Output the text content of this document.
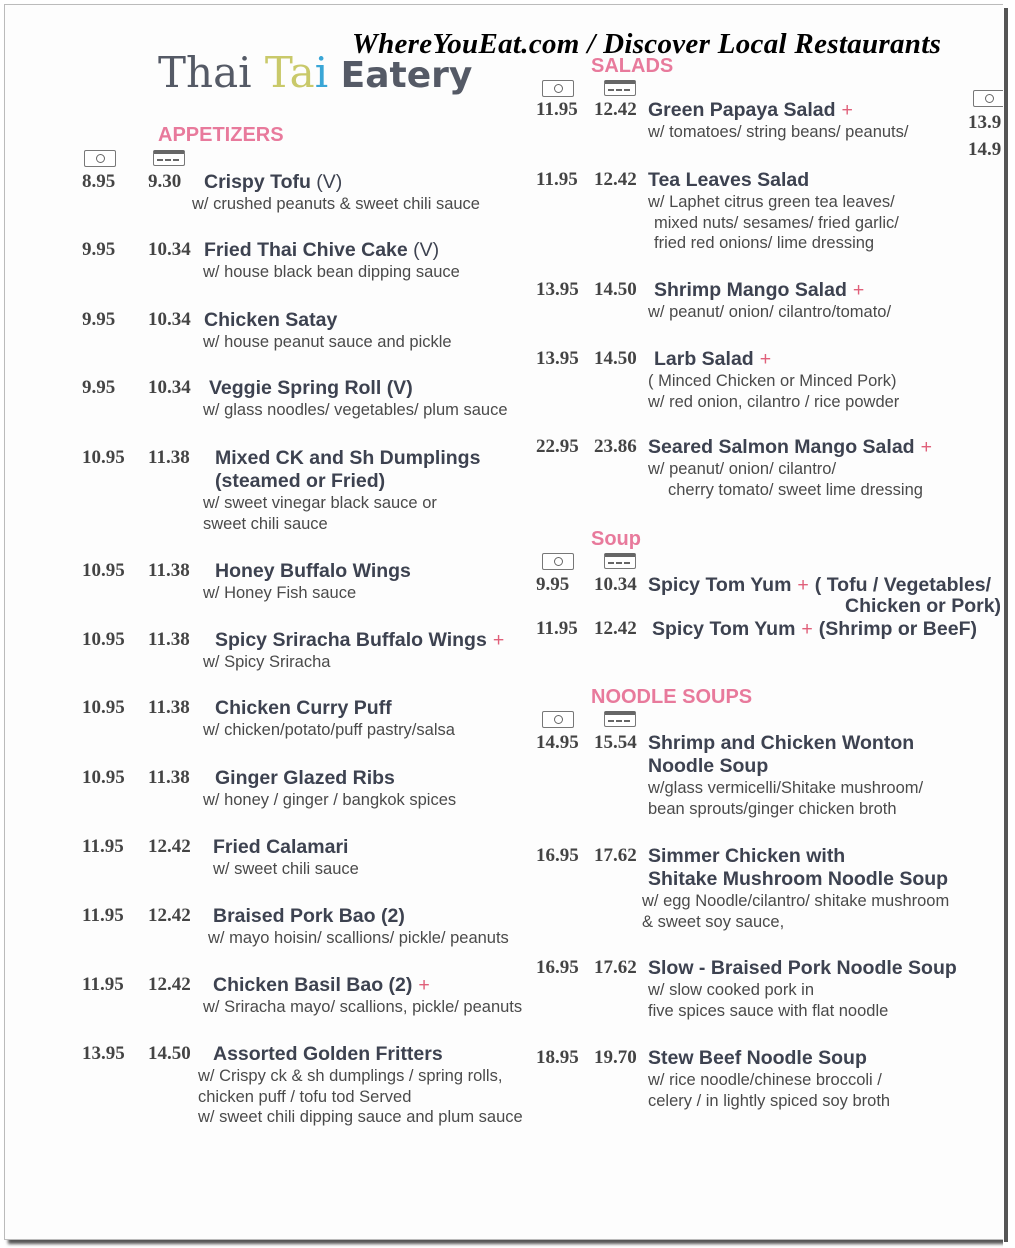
WhereYouEat.com / Discover Local Restaurants
Thai Tai Eatery
APPETIZERS
8.95 9.30 Crispy Tofu (V)
w/ crushed peanuts & sweet chili sauce
9.95 10.34 Fried Thai Chive Cake (V)
w/ house black bean dipping sauce
9.95 10.34 Chicken Satay
w/ house peanut sauce and pickle
9.95 10.34 Veggie Spring Roll (V)
w/ glass noodles/ vegetables/ plum sauce
10.95 11.38 Mixed CK and Sh Dumplings
(steamed or Fried)
w/ sweet vinegar black sauce or
sweet chili sauce
10.95 11.38 Honey Buffalo Wings
w/ Honey Fish sauce
10.95 11.38 Spicy Sriracha Buffalo Wings +
w/ Spicy Sriracha
10.95 11.38 Chicken Curry Puff
w/ chicken/potato/puff pastry/salsa
10.95 11.38 Ginger Glazed Ribs
w/ honey / ginger / bangkok spices
11.95 12.42 Fried Calamari
w/ sweet chili sauce
11.95 12.42 Braised Pork Bao (2)
w/ mayo hoisin/ scallions/ pickle/ peanuts
11.95 12.42 Chicken Basil Bao (2) +
w/ Sriracha mayo/ scallions, pickle/ peanuts
13.95 14.50 Assorted Golden Fritters
w/ Crispy ck & sh dumplings / spring rolls,
chicken puff / tofu tod Served
w/ sweet chili dipping sauce and plum sauce
SALADS
11.95 12.42 Green Papaya Salad +
w/ tomatoes/ string beans/ peanuts/
11.95 12.42 Tea Leaves Salad
w/ Laphet citrus green tea leaves/
mixed nuts/ sesames/ fried garlic/
fried red onions/ lime dressing
13.95 14.50 Shrimp Mango Salad +
w/ peanut/ onion/ cilantro/tomato/
13.95 14.50 Larb Salad +
( Minced Chicken or Minced Pork)
w/ red onion, cilantro / rice powder
22.95 23.86 Seared Salmon Mango Salad +
w/ peanut/ onion/ cilantro/
cherry tomato/ sweet lime dressing
Soup
9.95 10.34 Spicy Tom Yum + ( Tofu / Vegetables/
Chicken or Pork)
11.95 12.42 Spicy Tom Yum + (Shrimp or BeeF)
NOODLE SOUPS
14.95 15.54 Shrimp and Chicken Wonton
Noodle Soup
w/glass vermicelli/Shitake mushroom/
bean sprouts/ginger chicken broth
16.95 17.62 Simmer Chicken with
Shitake Mushroom Noodle Soup
w/ egg Noodle/cilantro/ shitake mushroom
& sweet soy sauce,
16.95 17.62 Slow - Braised Pork Noodle Soup
w/ slow cooked pork in
five spices sauce with flat noodle
18.95 19.70 Stew Beef Noodle Soup
w/ rice noodle/chinese broccoli /
celery / in lightly spiced soy broth
13.9
14.9
